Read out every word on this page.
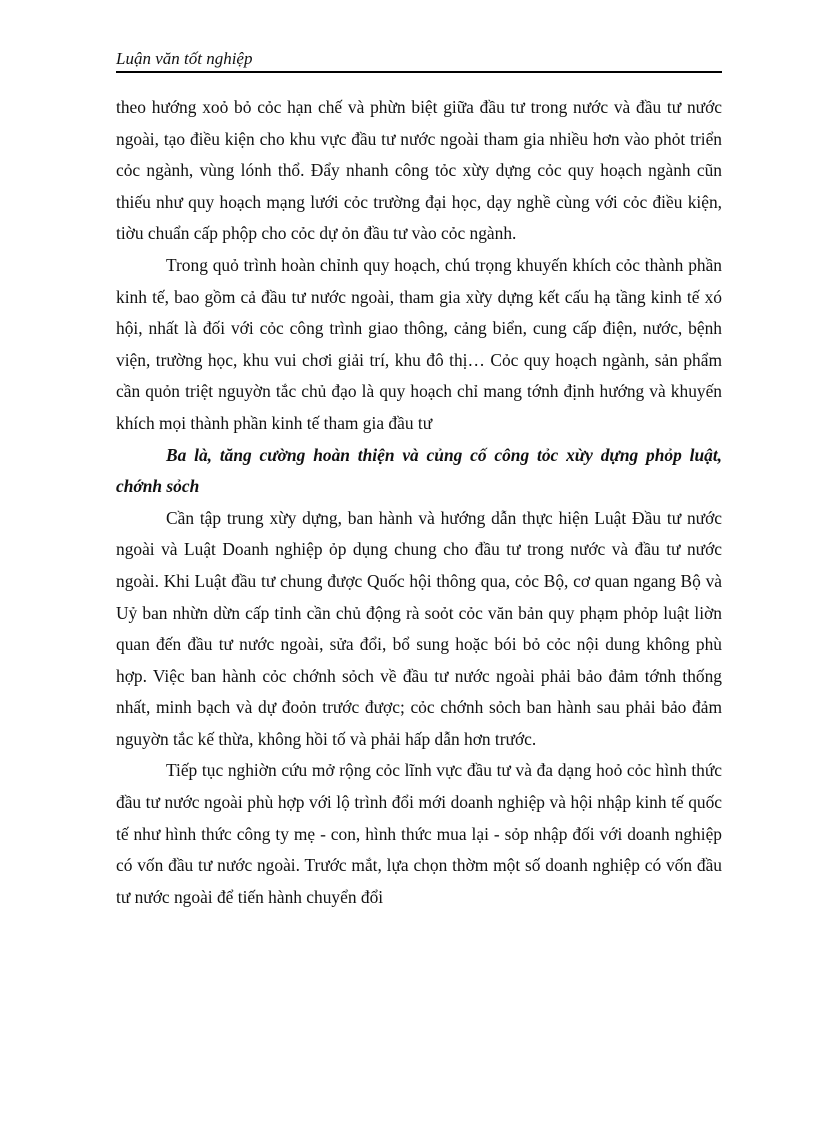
Luận văn tốt nghiệp

theo hướng xoỏ bỏ cỏc hạn chế và phừn biệt giữa đầu tư trong nước và đầu tư nước ngoài, tạo điều kiện cho khu vực đầu tư nước ngoài tham gia nhiều hơn vào phỏt triển cỏc ngành, vùng lónh thổ. Đẩy nhanh công tỏc xừy dựng cỏc quy hoạch ngành cũn thiếu như quy hoạch mạng lưới cỏc trường đại học, dạy nghề cùng với cỏc điều kiện, tiờu chuẩn cấp phộp cho cỏc dự ỏn đầu tư vào cỏc ngành.

Trong quỏ trình hoàn chỉnh quy hoạch, chú trọng khuyến khích cỏc thành phần kinh tế, bao gồm cả đầu tư nước ngoài, tham gia xừy dựng kết cấu hạ tầng kinh tế xó hội, nhất là đối với cỏc công trình giao thông, cảng biển, cung cấp điện, nước, bệnh viện, trường học, khu vui chơi giải trí, khu đô thị… Cỏc quy hoạch ngành, sản phẩm cần quỏn triệt nguyờn tắc chủ đạo là quy hoạch chỉ mang tớnh định hướng và khuyến khích mọi thành phần kinh tế tham gia đầu tư

Ba là, tăng cường hoàn thiện và củng cố công tỏc xừy dựng phỏp luật, chớnh sỏch

Cần tập trung xừy dựng, ban hành và hướng dẫn thực hiện Luật Đầu tư nước ngoài và Luật Doanh nghiệp ỏp dụng chung cho đầu tư trong nước và đầu tư nước ngoài. Khi Luật đầu tư chung được Quốc hội thông qua, cỏc Bộ, cơ quan ngang Bộ và Uỷ ban nhừn dừn cấp tỉnh cần chủ động rà soỏt cỏc văn bản quy phạm phỏp luật liờn quan đến đầu tư nước ngoài, sửa đổi, bổ sung hoặc bói bỏ cỏc nội dung không phù hợp. Việc ban hành cỏc chớnh sỏch về đầu tư nước ngoài phải bảo đảm tớnh thống nhất, minh bạch và dự đoỏn trước được; cỏc chớnh sỏch ban hành sau phải bảo đảm nguyờn tắc kế thừa, không hồi tố và phải hấp dẫn hơn trước.

Tiếp tục nghiờn cứu mở rộng cỏc lĩnh vực đầu tư và đa dạng hoỏ cỏc hình thức đầu tư nước ngoài phù hợp với lộ trình đổi mới doanh nghiệp và hội nhập kinh tế quốc tế như hình thức công ty mẹ - con, hình thức mua lại - sỏp nhập đối với doanh nghiệp có vốn đầu tư nước ngoài. Trước mắt, lựa chọn thờm một số doanh nghiệp có vốn đầu tư nước ngoài để tiến hành chuyển đổi
